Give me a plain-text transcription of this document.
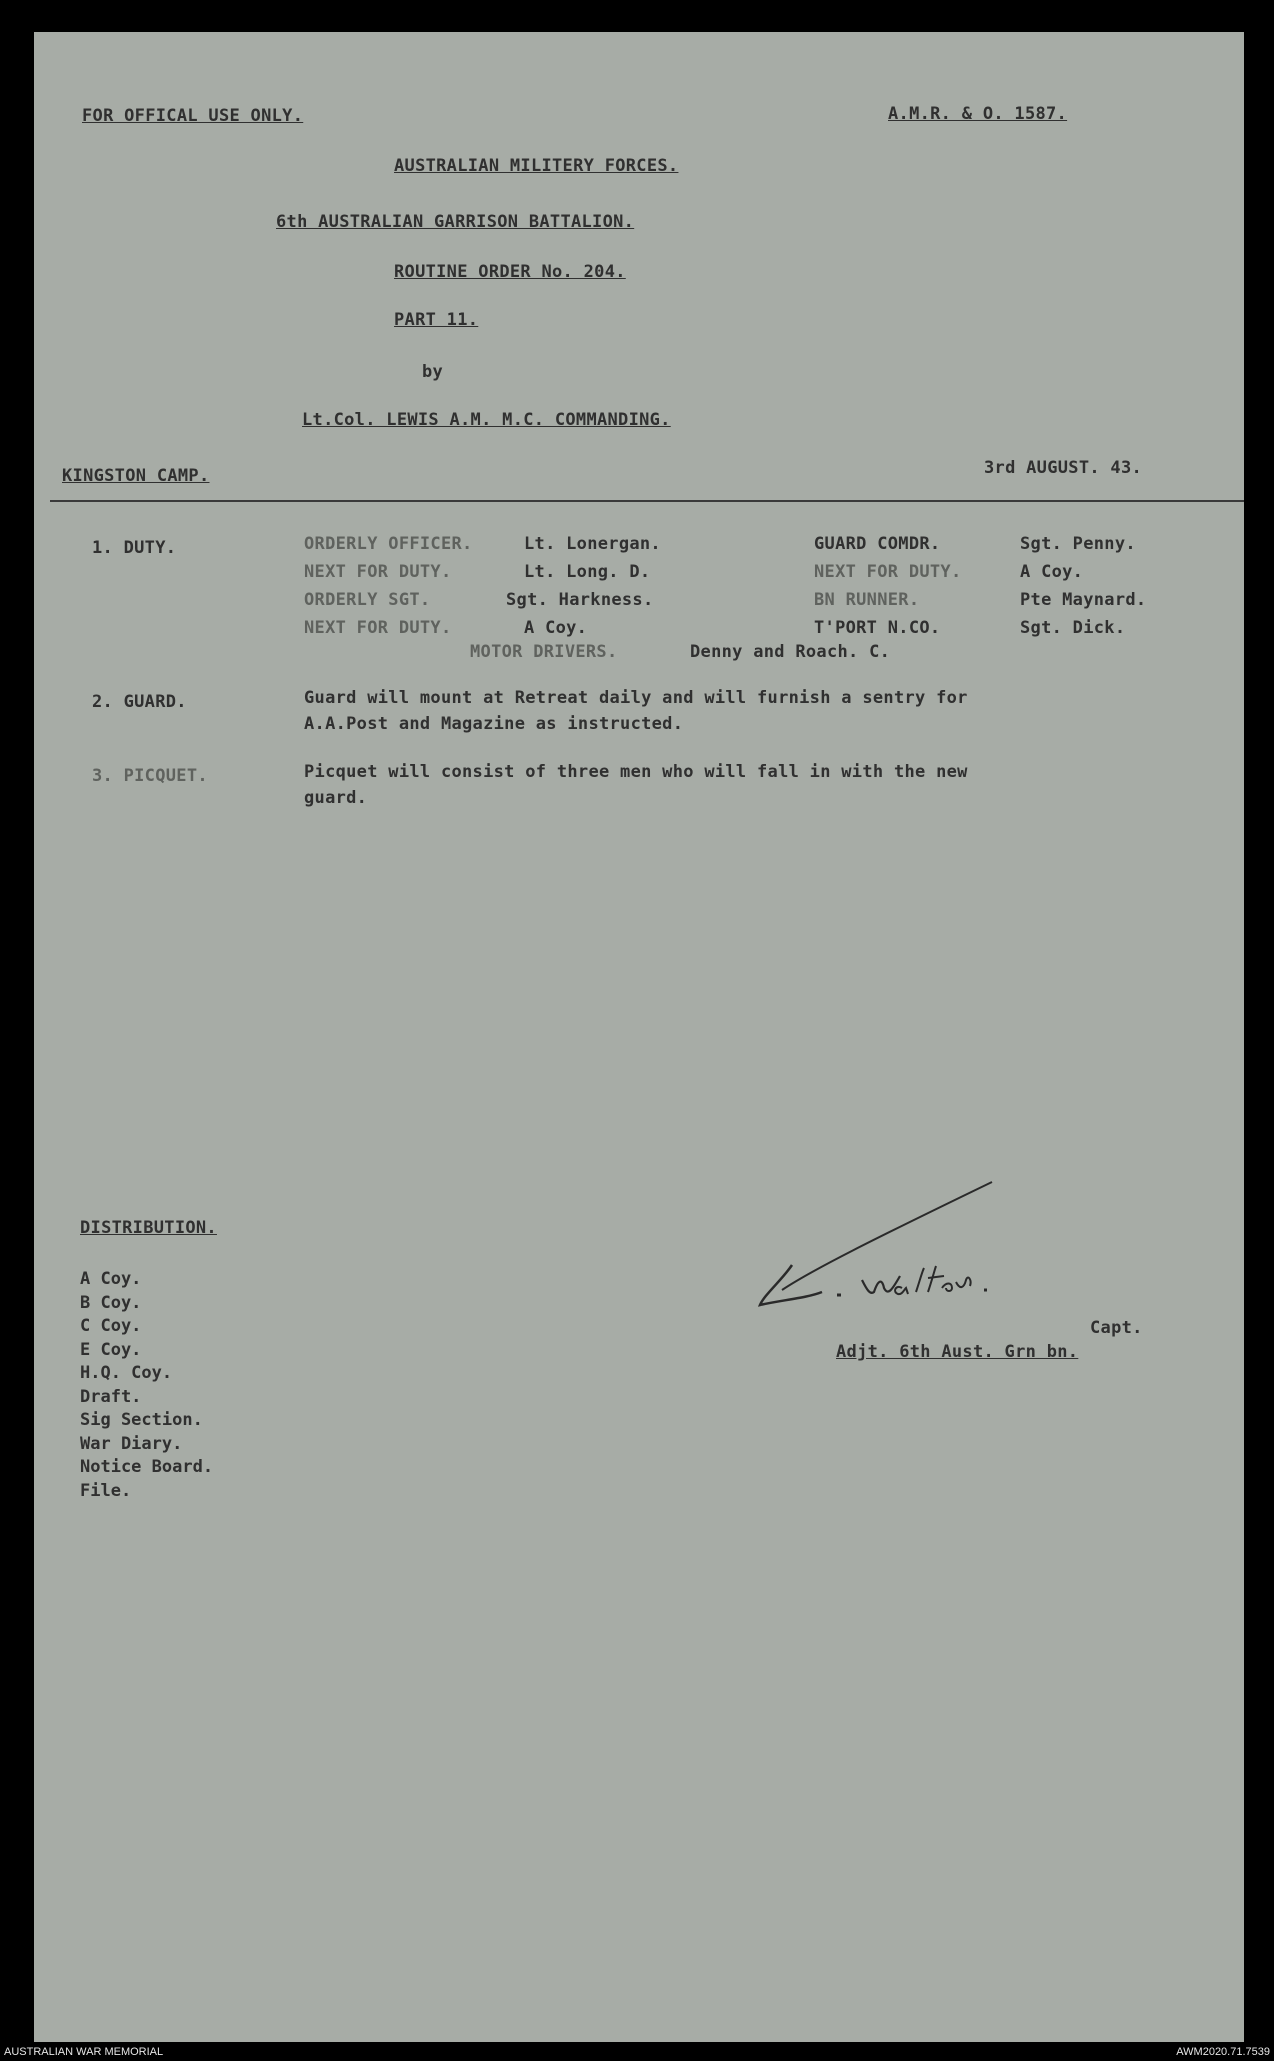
FOR OFFICAL USE ONLY.	A.M.R. & O. 1587.
AUSTRALIAN MILITERY FORCES.
6th AUSTRALIAN GARRISON BATTALION.
ROUTINE ORDER No. 204.
PART 11.
by
Lt.Col. LEWIS A.M. M.C. COMMANDING.
KINGSTON CAMP.	3rd AUGUST. 43.
1. DUTY.	ORDERLY OFFICER.	Lt. Lonergan.	GUARD COMDR.	Sgt. Penny.
NEXT FOR DUTY.	Lt. Long. D.	NEXT FOR DUTY.	A Coy.
ORDERLY SGT.	Sgt. Harkness.	BN RUNNER.	Pte Maynard.
NEXT FOR DUTY.	A Coy.	T'PORT N.CO.	Sgt. Dick.
MOTOR DRIVERS.	Denny and Roach. C.
2. GUARD.	Guard will mount at Retreat daily and will furnish a sentry for
A.A.Post and Magazine as instructed.
3. PICQUET.	Picquet will consist of three men who will fall in with the new
guard.
DISTRIBUTION.
A Coy.
B Coy.
C Coy.
E Coy.
H.Q. Coy.
Draft.
Sig Section.
War Diary.
Notice Board.
File.
Capt.
Adjt. 6th Aust. Grn bn.
AUSTRALIAN WAR MEMORIAL	AWM2020.71.7539
